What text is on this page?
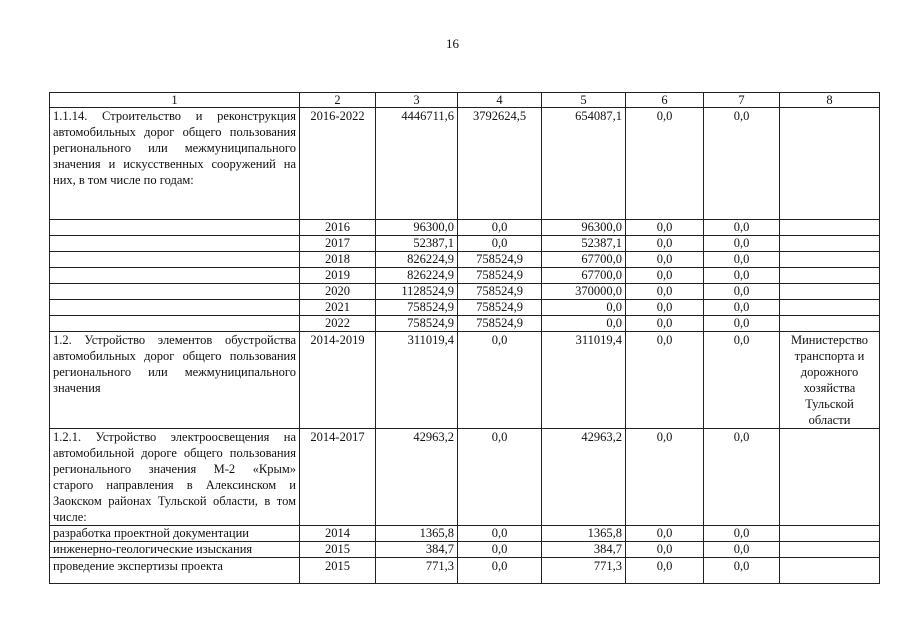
16
1	2	3	4	5	6	7	8
1.1.14. Строительство и реконструкция автомобильных дорог общего пользования регионального или межмуниципального значения и искусственных сооружений на них, в том числе по годам:	2016-2022	4446711,6	3792624,5	654087,1	0,0	0,0	
	2016	96300,0	0,0	96300,0	0,0	0,0	
	2017	52387,1	0,0	52387,1	0,0	0,0	
	2018	826224,9	758524,9	67700,0	0,0	0,0	
	2019	826224,9	758524,9	67700,0	0,0	0,0	
	2020	1128524,9	758524,9	370000,0	0,0	0,0	
	2021	758524,9	758524,9	0,0	0,0	0,0	
	2022	758524,9	758524,9	0,0	0,0	0,0	
1.2. Устройство элементов обустройства автомобильных дорог общего пользования регионального или межмуниципального значения	2014-2019	311019,4	0,0	311019,4	0,0	0,0	Министерство транспорта и дорожного хозяйства Тульской области
1.2.1. Устройство электроосвещения на автомобильной дороге общего пользования регионального значения М-2 «Крым» старого направления в Алексинском и Заокском районах Тульской области, в том числе:	2014-2017	42963,2	0,0	42963,2	0,0	0,0	
разработка проектной документации	2014	1365,8	0,0	1365,8	0,0	0,0	
инженерно-геологические изыскания	2015	384,7	0,0	384,7	0,0	0,0	
проведение экспертизы проекта	2015	771,3	0,0	771,3	0,0	0,0	
